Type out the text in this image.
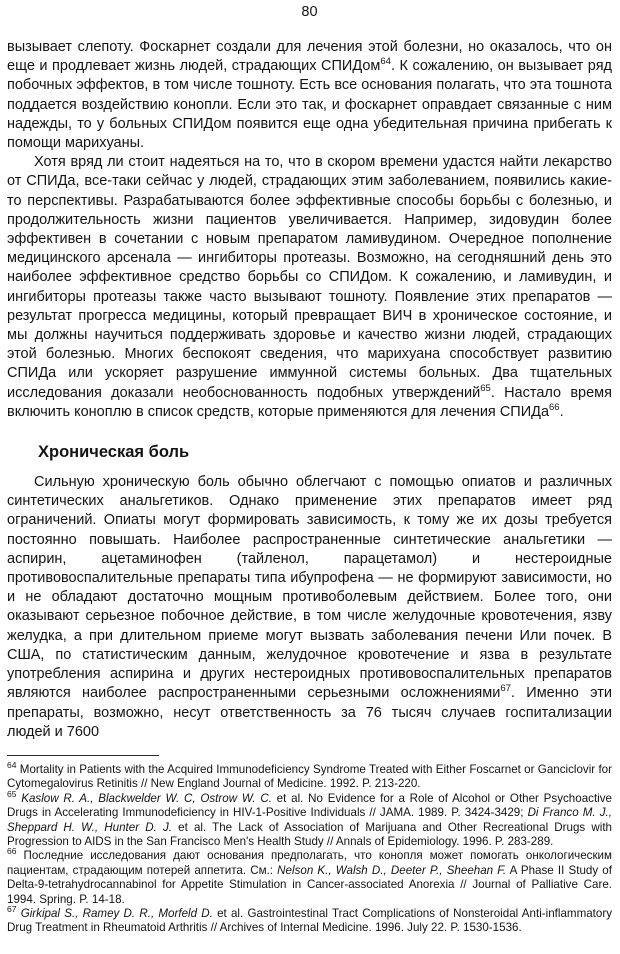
80

вызывает слепоту. Фоскарнет создали для лечения этой болезни, но оказалось, что он еще и продлевает жизнь людей, страдающих СПИДом$^{64}$. К сожалению, он вызывает ряд побочных эффектов, в том числе тошноту. Есть все основания полагать, что эта тошнота поддается воздействию конопли. Если это так, и фоскарнет оправдает связанные с ним надежды, то у больных СПИДом появится еще одна убедительная причина прибегать к помощи марихуаны.

Хотя вряд ли стоит надеяться на то, что в скором времени удастся найти лекарство от СПИДа, все-таки сейчас у людей, страдающих этим заболеванием, появились какие-то перспективы. Разрабатываются более эффективные способы борьбы с болезнью, и продолжительность жизни пациентов увеличивается. Например, зидовудин более эффективен в сочетании с новым препаратом ламивудином. Очередное пополнение медицинского арсенала — ингибиторы протеазы. Возможно, на сегодняшний день это наиболее эффективное средство борьбы со СПИДом. К сожалению, и ламивудин, и ингибиторы протеазы также часто вызывают тошноту. Появление этих препаратов — результат прогресса медицины, который превращает ВИЧ в хроническое состояние, и мы должны научиться поддерживать здоровье и качество жизни людей, страдающих этой болезнью. Многих беспокоят сведения, что марихуана способствует развитию СПИДа или ускоряет разрушение иммунной системы больных. Два тщательных исследования доказали необоснованность подобных утверждений$^{65}$. Настало время включить коноплю в список средств, которые применяются для лечения СПИДа$^{66}$.

Хроническая боль

Сильную хроническую боль обычно облегчают с помощью опиатов и различных синтетических анальгетиков. Однако применение этих препаратов имеет ряд ограничений. Опиаты могут формировать зависимость, к тому же их дозы требуется постоянно повышать. Наиболее распространенные синтетические анальгетики — аспирин, ацетаминофен (тайленол, парацетамол) и нестероидные противовоспалительные препараты типа ибупрофена — не формируют зависимости, но и не обладают достаточно мощным противоболевым действием. Более того, они оказывают серьезное побочное действие, в том числе желудочные кровотечения, язву желудка, а при длительном приеме могут вызвать заболевания печени Или почек. В США, по статистическим данным, желудочное кровотечение и язва в результате употребления аспирина и других нестероидных противовоспалительных препаратов являются наиболее распространенными серьезными осложнениями$^{67}$. Именно эти препараты, возможно, несут ответственность за 76 тысяч случаев госпитализации людей и 7600

$^{64}$ Mortality in Patients with the Acquired Immunodeficiency Syndrome Treated with Either Foscarnet or Ganciclovir for Cytomegalovirus Retinitis // New England Journal of Medicine. 1992. P. 213-220.
$^{65}$ Kaslow R. A., Blackwelder W. C, Ostrow W. C. et al. No Evidence for a Role of Alcohol or Other Psychoactive Drugs in Accelerating Immunodeficiency in HIV-1-Positive Individuals // JAMA. 1989. P. 3424-3429; Di Franco M. J., Sheppard H. W., Hunter D. J. et al. The Lack of Association of Marijuana and Other Recreational Drugs with Progression to AIDS in the San Francisco Men's Health Study // Annals of Epidemiology. 1996. P. 283-289.
$^{66}$ Последние исследования дают основания предполагать, что конопля может помогать онкологическим пациентам, страдающим потерей аппетита. См.: Nelson K., Walsh D., Deeter P., Sheehan F. A Phase II Study of Delta-9-tetrahydrocannabinol for Appetite Stimulation in Cancer-associated Anorexia // Journal of Palliative Care. 1994. Spring. P. 14-18.
$^{67}$ Girkipal S., Ramey D. R., Morfeld D. et al. Gastrointestinal Tract Complications of Nonsteroidal Anti-inflammatory Drug Treatment in Rheumatoid Arthritis // Archives of Internal Medicine. 1996. July 22. P. 1530-1536.
